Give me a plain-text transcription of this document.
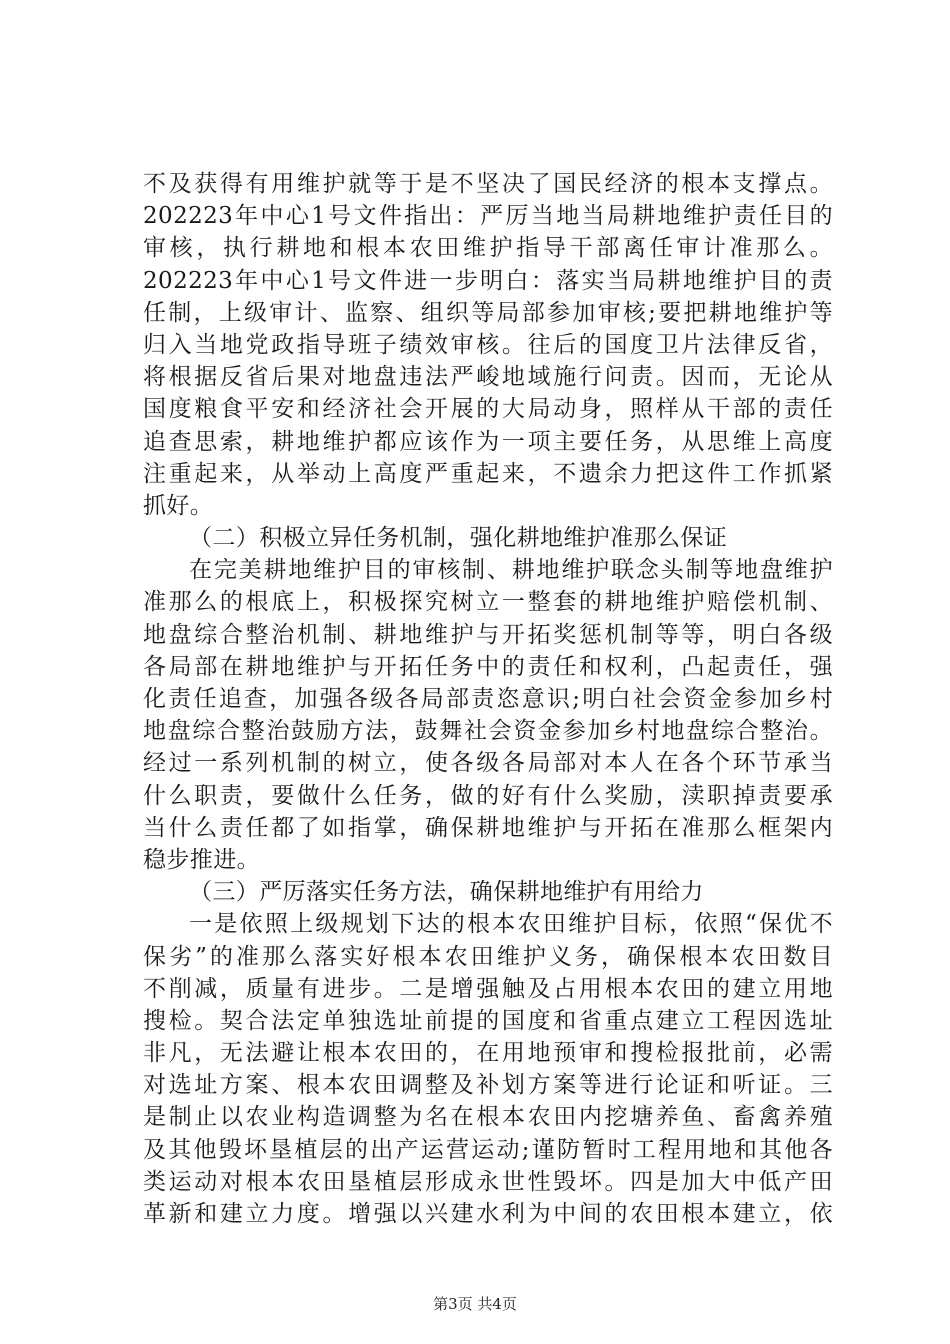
不及获得有用维护就等于是不坚决了国民经济的根本支撑点。
202223年中心1号文件指出：严厉当地当局耕地维护责任目的
审核，执行耕地和根本农田维护指导干部离任审计准那么。
202223年中心1号文件进一步明白：落实当局耕地维护目的责
任制，上级审计、监察、组织等局部参加审核;要把耕地维护等
归入当地党政指导班子绩效审核。往后的国度卫片法律反省，
将根据反省后果对地盘违法严峻地域施行问责。因而，无论从
国度粮食平安和经济社会开展的大局动身，照样从干部的责任
追查思索，耕地维护都应该作为一项主要任务，从思维上高度
注重起来，从举动上高度严重起来，不遗余力把这件工作抓紧
抓好。
（二）积极立异任务机制，强化耕地维护准那么保证
在完美耕地维护目的审核制、耕地维护联念头制等地盘维护
准那么的根底上，积极探究树立一整套的耕地维护赔偿机制、
地盘综合整治机制、耕地维护与开拓奖惩机制等等，明白各级
各局部在耕地维护与开拓任务中的责任和权利，凸起责任，强
化责任追查，加强各级各局部责恣意识;明白社会资金参加乡村
地盘综合整治鼓励方法，鼓舞社会资金参加乡村地盘综合整治。
经过一系列机制的树立，使各级各局部对本人在各个环节承当
什么职责，要做什么任务，做的好有什么奖励，渎职掉责要承
当什么责任都了如指掌，确保耕地维护与开拓在准那么框架内
稳步推进。
（三）严厉落实任务方法，确保耕地维护有用给力
一是依照上级规划下达的根本农田维护目标，依照“保优不
保劣”的准那么落实好根本农田维护义务，确保根本农田数目
不削减，质量有进步。二是增强触及占用根本农田的建立用地
搜检。契合法定单独选址前提的国度和省重点建立工程因选址
非凡，无法避让根本农田的，在用地预审和搜检报批前，必需
对选址方案、根本农田调整及补划方案等进行论证和听证。三
是制止以农业构造调整为名在根本农田内挖塘养鱼、畜禽养殖
及其他毁坏垦植层的出产运营运动;谨防暂时工程用地和其他各
类运动对根本农田垦植层形成永世性毁坏。四是加大中低产田
革新和建立力度。增强以兴建水利为中间的农田根本建立，依
第3页 共4页
